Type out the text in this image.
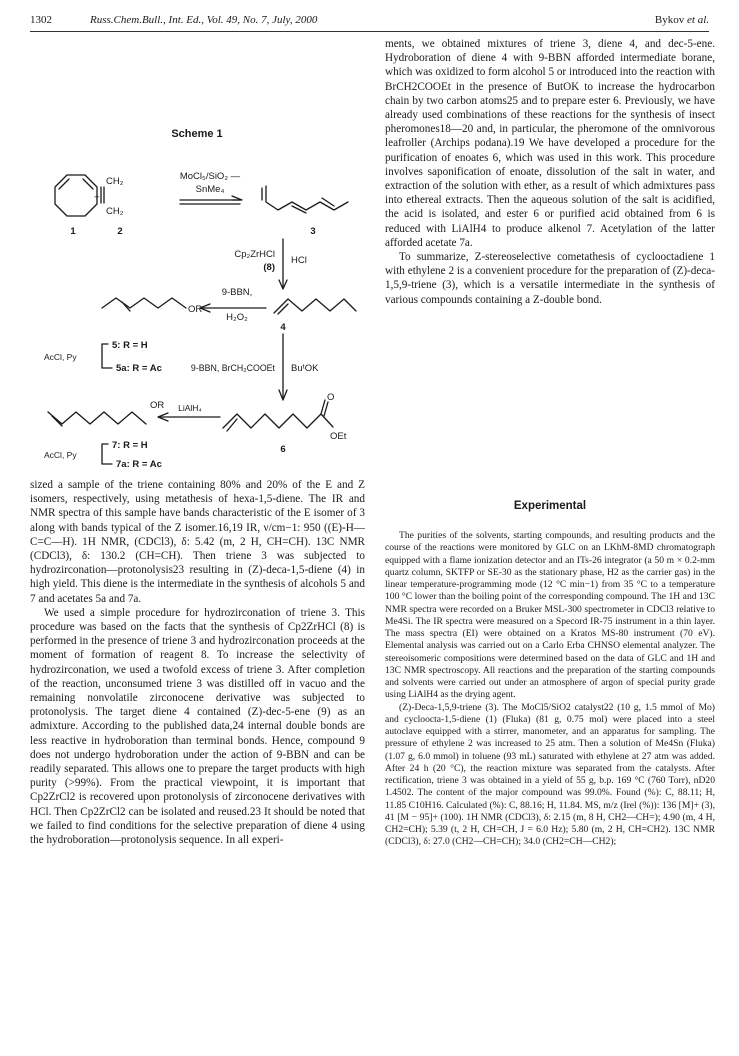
1302	Russ.Chem.Bull., Int. Ed., Vol. 49, No. 7, July, 2000	Bykov et al.
Scheme 1
+
CH₂
CH₂
MoCl₅/SiO₂ —
SnMe₄
1	2	3
Cp₂ZrHCl
(8)
HCl
9-BBN,
H₂O₂
OR
4
AcCl, Py
5: R = H
5a: R = Ac	9-BBN, BrCH₂COOEt BuᵗOK
OR LiAlH₄
O
OEt
6
AcCl, Py
7: R = H
7a: R = Ac

sized a sample of the triene containing 80% and 20% of the E and Z isomers, respectively, using metathesis of hexa-1,5-diene. The IR and NMR spectra of this sample have bands characteristic of the E isomer of 3 along with bands typical of the Z isomer.16,19 IR, ν/cm−1: 950 ((E)-H—C=C—H). 1H NMR, (CDCl3), δ: 5.42 (m, 2 H, CH=CH). 13C NMR (CDCl3), δ: 130.2 (CH=CH). Then triene 3 was subjected to hydrozirconation—protonolysis23 resulting in (Z)-deca-1,5-diene (4) in high yield. This diene is the intermediate in the synthesis of alcohols 5 and 7 and acetates 5a and 7a.

We used a simple procedure for hydrozirconation of triene 3. This procedure was based on the facts that the synthesis of Cp2ZrHCl (8) is performed in the presence of triene 3 and hydrozirconation proceeds at the moment of formation of reagent 8. To increase the selectivity of hydrozirconation, we used a twofold excess of triene 3. After completion of the reaction, unconsumed triene 3 was distilled off in vacuo and the remaining nonvolatile zirconocene derivative was subjected to protonolysis. The target diene 4 contained (Z)-dec-5-ene (9) as an admixture. According to the published data,24 internal double bonds are less reactive in hydroboration than terminal bonds. Hence, compound 9 does not undergo hydroboration under the action of 9-BBN and can be readily separated. This allows one to prepare the target products with high purity (>99%). From the practical viewpoint, it is important that Cp2ZrCl2 is recovered upon protonolysis of zirconocene derivatives with HCl. Then Cp2ZrCl2 can be isolated and reused.23 It should be noted that we failed to find conditions for the selective preparation of diene 4 using the hydroboration—protonolysis sequence. In all experi-

ments, we obtained mixtures of triene 3, diene 4, and dec-5-ene. Hydroboration of diene 4 with 9-BBN afforded intermediate borane, which was oxidized to form alcohol 5 or introduced into the reaction with BrCH2COOEt in the presence of ButOK to increase the hydrocarbon chain by two carbon atoms25 and to prepare ester 6. Previously, we have already used combinations of these reactions for the synthesis of insect pheromones18—20 and, in particular, the pheromone of the omnivorous leafroller (Archips podana).19 We have developed a procedure for the purification of enoates 6, which was used in this work. This procedure involves saponification of enoate, dissolution of the salt in water, and extraction of the solution with ether, as a result of which admixtures pass into ethereal extracts. Then the aqueous solution of the salt is acidified, the acid is isolated, and ester 6 or purified acid obtained from 6 is reduced with LiAlH4 to produce alkenol 7. Acetylation of the latter afforded acetate 7a.

To summarize, Z-stereoselective cometathesis of cyclooctadiene 1 with ethylene 2 is a convenient procedure for the preparation of (Z)-deca-1,5,9-triene (3), which is a versatile intermediate in the synthesis of various compounds containing a Z-double bond.

Experimental

The purities of the solvents, starting compounds, and resulting products and the course of the reactions were monitored by GLC on an LKhM-8MD chromatograph equipped with a flame ionization detector and an ITs-26 integrator (a 50 m × 0.2-mm quartz column, SKTFP or SE-30 as the stationary phase, H2 as the carrier gas) in the linear temperature-programming mode (12 °C min−1) from 35 °C to a temperature 100 °C lower than the boiling point of the corresponding compound. The 1H and 13C NMR spectra were recorded on a Bruker MSL-300 spectrometer in CDCl3 relative to Me4Si. The IR spectra were measured on a Specord IR-75 instrument in a thin layer. The mass spectra (EI) were obtained on a Kratos MS-80 instrument (70 eV). Elemental analysis was carried out on a Carlo Erba CHNSO elemental analyzer. The stereoisomeric compositions were determined based on the data of GLC and 1H and 13C NMR spectroscopy. All reactions and the preparation of the starting compounds and solvents were carried out under an atmosphere of argon of special purity grade using LiAlH4 as the drying agent.

(Z)-Deca-1,5,9-triene (3). The MoCl5/SiO2 catalyst22 (10 g, 1.5 mmol of Mo) and cycloocta-1,5-diene (1) (Fluka) (81 g, 0.75 mol) were placed into a steel autoclave equipped with a stirrer, manometer, and an apparatus for sampling. The pressure of ethylene 2 was increased to 25 atm. Then a solution of Me4Sn (Fluka) (1.07 g, 6.0 mmol) in toluene (93 mL) saturated with ethylene at 27 atm was added. After 24 h (20 °C), the reaction mixture was separated from the catalysts. After rectification, triene 3 was obtained in a yield of 55 g, b.p. 169 °C (760 Torr), nD20 1.4502. The content of the major compound was 99.0%. Found (%): C, 88.11; H, 11.85 C10H16. Calculated (%): C, 88.16; H, 11.84. MS, m/z (Irel (%)): 136 [M]+ (3), 41 [M − 95]+ (100). 1H NMR (CDCl3), δ: 2.15 (m, 8 H, CH2—CH=); 4.90 (m, 4 H, CH2=CH); 5.39 (t, 2 H, CH=CH, J = 6.0 Hz); 5.80 (m, 2 H, CH=CH2). 13C NMR (CDCl3), δ: 27.0 (CH2—CH=CH); 34.0 (CH2=CH—CH2);
